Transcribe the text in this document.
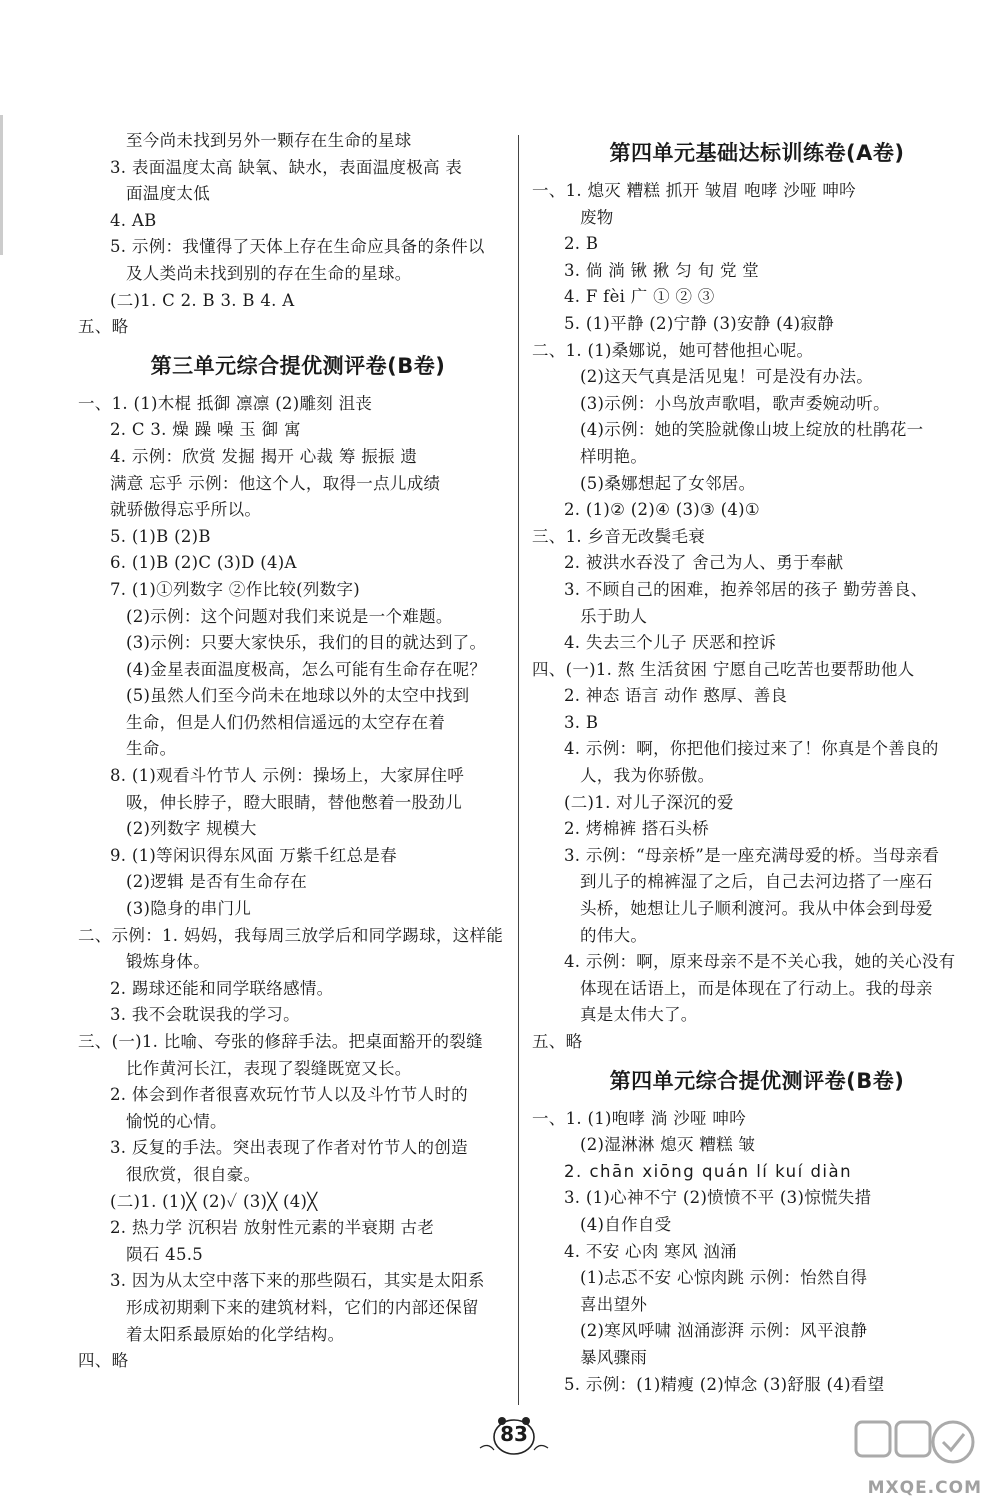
至今尚未找到另外一颗存在生命的星球
3. 表面温度太高 缺氧、缺水，表面温度极高 表
面温度太低
4. AB
5. 示例：我懂得了天体上存在生命应具备的条件以
及人类尚未找到别的存在生命的星球。
(二)1. C 2. B 3. B 4. A
五、略
第三单元综合提优测评卷(B卷)
一、1. (1)木棍 抵御 凛凛 (2)雕刻 沮丧
2. C 3. 燥 躁 噪 玉 御 寓
4. 示例：欣赏 发掘 揭开 心裁 筹 振振 遗
满意 忘乎 示例：他这个人，取得一点儿成绩
就骄傲得忘乎所以。
5. (1)B (2)B
6. (1)B (2)C (3)D (4)A
7. (1)①列数字 ②作比较(列数字)
(2)示例：这个问题对我们来说是一个难题。
(3)示例：只要大家快乐，我们的目的就达到了。
(4)金星表面温度极高，怎么可能有生命存在呢？
(5)虽然人们至今尚未在地球以外的太空中找到
生命，但是人们仍然相信遥远的太空存在着
生命。
8. (1)观看斗竹节人 示例：操场上，大家屏住呼
吸，伸长脖子，瞪大眼睛，替他憋着一股劲儿
(2)列数字 规模大
9. (1)等闲识得东风面 万紫千红总是春
(2)逻辑 是否有生命存在
(3)隐身的串门儿
二、示例：1. 妈妈，我每周三放学后和同学踢球，这样能
锻炼身体。
2. 踢球还能和同学联络感情。
3. 我不会耽误我的学习。
三、(一)1. 比喻、夸张的修辞手法。把桌面豁开的裂缝
比作黄河长江，表现了裂缝既宽又长。
2. 体会到作者很喜欢玩竹节人以及斗竹节人时的
愉悦的心情。
3. 反复的手法。突出表现了作者对竹节人的创造
很欣赏，很自豪。
(二)1. (1)╳ (2)✓ (3)╳ (4)╳
2. 热力学 沉积岩 放射性元素的半衰期 古老
陨石 45.5
3. 因为从太空中落下来的那些陨石，其实是太阳系
形成初期剩下来的建筑材料，它们的内部还保留
着太阳系最原始的化学结构。
四、略
第四单元基础达标训练卷(A卷)
一、1. 熄灭 糟糕 抓开 皱眉 咆哮 沙哑 呻吟
废物
2. B
3. 倘 淌 锹 揪 匀 旬 党 堂
4. F fèi 广 ① ② ③
5. (1)平静 (2)宁静 (3)安静 (4)寂静
二、1. (1)桑娜说，她可替他担心呢。
(2)这天气真是活见鬼！可是没有办法。
(3)示例：小鸟放声歌唱，歌声委婉动听。
(4)示例：她的笑脸就像山坡上绽放的杜鹃花一
样明艳。
(5)桑娜想起了女邻居。
2. (1)② (2)④ (3)③ (4)①
三、1. 乡音无改鬓毛衰
2. 被洪水吞没了 舍己为人、勇于奉献
3. 不顾自己的困难，抱养邻居的孩子 勤劳善良、
乐于助人
4. 失去三个儿子 厌恶和控诉
四、(一)1. 熬 生活贫困 宁愿自己吃苦也要帮助他人
2. 神态 语言 动作 憨厚、善良
3. B
4. 示例：啊，你把他们接过来了！你真是个善良的
人，我为你骄傲。
(二)1. 对儿子深沉的爱
2. 烤棉裤 搭石头桥
3. 示例：“母亲桥”是一座充满母爱的桥。当母亲看
到儿子的棉裤湿了之后，自己去河边搭了一座石
头桥，她想让儿子顺利渡河。我从中体会到母爱
的伟大。
4. 示例：啊，原来母亲不是不关心我，她的关心没有
体现在话语上，而是体现在了行动上。我的母亲
真是太伟大了。
五、略
第四单元综合提优测评卷(B卷)
一、1. (1)咆哮 淌 沙哑 呻吟
(2)湿淋淋 熄灭 糟糕 皱
2. chān xiōng quán lí kuí diàn
3. (1)心神不宁 (2)愤愤不平 (3)惊慌失措
(4)自作自受
4. 不安 心肉 寒风 汹涌
(1)忐忑不安 心惊肉跳 示例：怡然自得
喜出望外
(2)寒风呼啸 汹涌澎湃 示例：风平浪静
暴风骤雨
5. 示例：(1)精瘦 (2)悼念 (3)舒服 (4)看望
83
MXQE.COM
